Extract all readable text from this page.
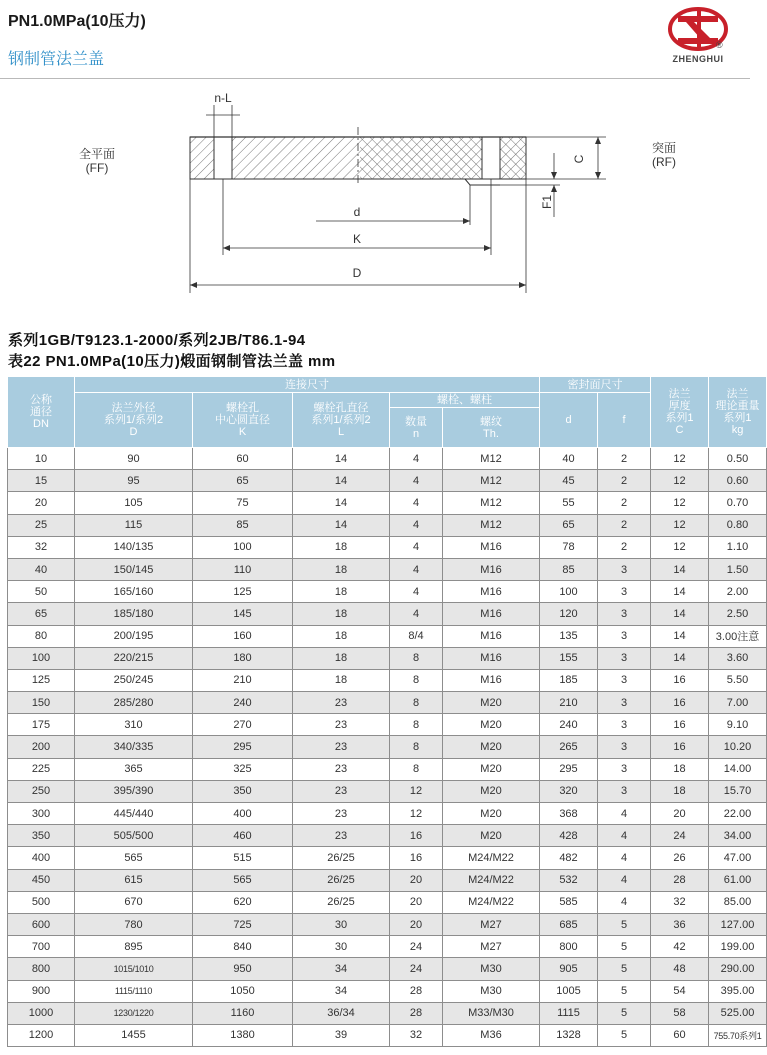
PN1.0MPa(10压力)
钢制管法兰盖
®
ZHENGHUI
全平面
(FF)
突面
(RF)
n-L
d
K
D
C
F1
系列1GB/T9123.1-2000/系列2JB/T86.1-94
表22 PN1.0MPa(10压力)煅面钢制管法兰盖 mm
公称
通径
DN	连接尺寸					密封面尺寸		法兰
厚度
系列1
C	法兰
理论重量
系列1
kg
	法兰外径
系列1/系列2
D	螺栓孔
中心圆直径
K	螺栓孔直径
系列1/系列2
L	螺栓、螺柱		d	f		
				数量
n	螺纹
Th.				
10	90	60	14	4	M12	40	2	12	0.50
15	95	65	14	4	M12	45	2	12	0.60
20	105	75	14	4	M12	55	2	12	0.70
25	115	85	14	4	M12	65	2	12	0.80
32	140/135	100	18	4	M16	78	2	12	1.10
40	150/145	110	18	4	M16	85	3	14	1.50
50	165/160	125	18	4	M16	100	3	14	2.00
65	185/180	145	18	4	M16	120	3	14	2.50
80	200/195	160	18	8/4	M16	135	3	14	3.00注意
100	220/215	180	18	8	M16	155	3	14	3.60
125	250/245	210	18	8	M16	185	3	16	5.50
150	285/280	240	23	8	M20	210	3	16	7.00
175	310	270	23	8	M20	240	3	16	9.10
200	340/335	295	23	8	M20	265	3	16	10.20
225	365	325	23	8	M20	295	3	18	14.00
250	395/390	350	23	12	M20	320	3	18	15.70
300	445/440	400	23	12	M20	368	4	20	22.00
350	505/500	460	23	16	M20	428	4	24	34.00
400	565	515	26/25	16	M24/M22	482	4	26	47.00
450	615	565	26/25	20	M24/M22	532	4	28	61.00
500	670	620	26/25	20	M24/M22	585	4	32	85.00
600	780	725	30	20	M27	685	5	36	127.00
700	895	840	30	24	M27	800	5	42	199.00
800	1015/1010	950	34	24	M30	905	5	48	290.00
900	1115/1110	1050	34	28	M30	1005	5	54	395.00
1000	1230/1220	1160	36/34	28	M33/M30	1115	5	58	525.00
1200	1455	1380	39	32	M36	1328	5	60	755.70系列1
